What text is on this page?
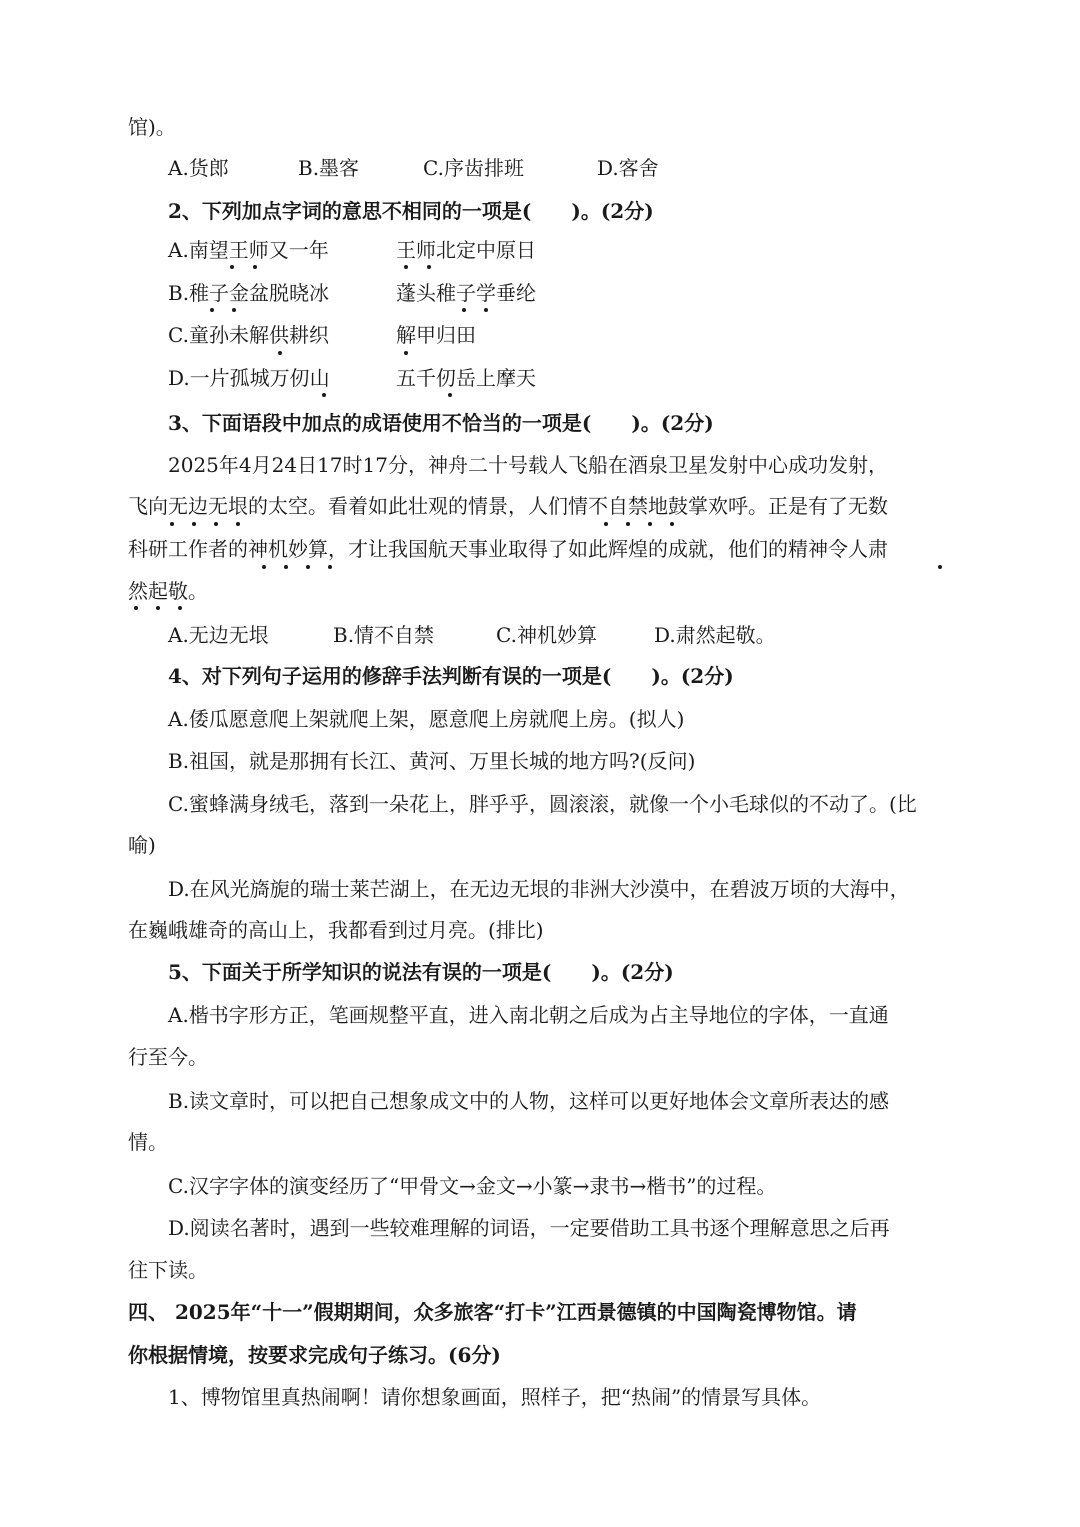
馆)。
A.货郎	B.墨客	C.序齿排班	D.客舍
2、下列加点字词的意思不相同的一项是(　　)。(2分)
A.南望王师又一年	王师北定中原日
B.稚子金盆脱晓冰	蓬头稚子学垂纶
C.童孙未解供耕织	解甲归田
D.一片孤城万仞山	五千仞岳上摩天
3、下面语段中加点的成语使用不恰当的一项是(　　)。(2分)
2025年4月24日17时17分，神舟二十号载人飞船在酒泉卫星发射中心成功发射，
飞向无边无垠的太空。看着如此壮观的情景，人们情不自禁地鼓掌欢呼。正是有了无数
科研工作者的神机妙算，才让我国航天事业取得了如此辉煌的成就，他们的精神令人肃
然起敬。
A.无边无垠	B.情不自禁	C.神机妙算	D.肃然起敬。
4、对下列句子运用的修辞手法判断有误的一项是(　　)。(2分)
A.倭瓜愿意爬上架就爬上架，愿意爬上房就爬上房。(拟人)
B.祖国，就是那拥有长江、黄河、万里长城的地方吗?(反问)
C.蜜蜂满身绒毛，落到一朵花上，胖乎乎，圆滚滚，就像一个小毛球似的不动了。(比
喻)
D.在风光旖旎的瑞士莱芒湖上，在无边无垠的非洲大沙漠中，在碧波万顷的大海中，
在巍峨雄奇的高山上，我都看到过月亮。(排比)
5、下面关于所学知识的说法有误的一项是(　　)。(2分)
A.楷书字形方正，笔画规整平直，进入南北朝之后成为占主导地位的字体，一直通
行至今。
B.读文章时，可以把自己想象成文中的人物，这样可以更好地体会文章所表达的感
情。
C.汉字字体的演变经历了“甲骨文→金文→小篆→隶书→楷书”的过程。
D.阅读名著时，遇到一些较难理解的词语，一定要借助工具书逐个理解意思之后再
往下读。
四、 2025年“十一”假期期间，众多旅客“打卡”江西景德镇的中国陶瓷博物馆。请
你根据情境，按要求完成句子练习。(6分)
1、博物馆里真热闹啊！请你想象画面，照样子，把“热闹”的情景写具体。
